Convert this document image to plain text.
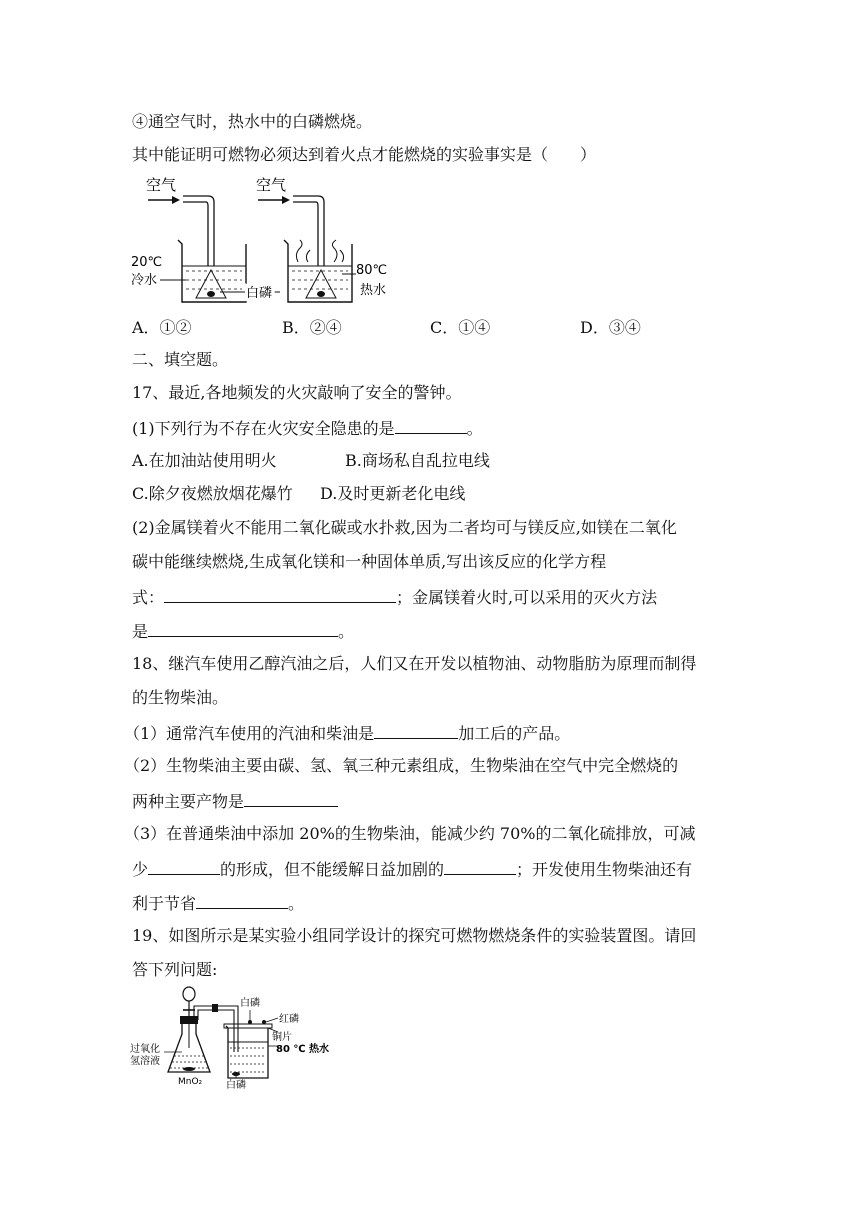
④通空气时，热水中的白磷燃烧。
其中能证明可燃物必须达到着火点才能燃烧的实验事实是（　　）
空气
20℃
冷水
白磷
空气
80℃
热水
A．①②	B．②④	C．①④	D．③④
二、填空题。
17、最近,各地频发的火灾敲响了安全的警钟。
(1)下列行为不存在火灾安全隐患的是	。
A.在加油站使用明火	B.商场私自乱拉电线
C.除夕夜燃放烟花爆竹 D.及时更新老化电线
(2)金属镁着火不能用二氧化碳或水扑救,因为二者均可与镁反应,如镁在二氧化
碳中能继续燃烧,生成氧化镁和一种固体单质,写出该反应的化学方程
式：	；金属镁着火时,可以采用的灭火方法
是	。
18、继汽车使用乙醇汽油之后，人们又在开发以植物油、动物脂肪为原理而制得
的生物柴油。
（1）通常汽车使用的汽油和柴油是	加工后的产品。
（2）生物柴油主要由碳、氢、氧三种元素组成，生物柴油在空气中完全燃烧的
两种主要产物是
（3）在普通柴油中添加 20%的生物柴油，能减少约 70%的二氧化硫排放，可减
少	的形成，但不能缓解日益加剧的	；开发使用生物柴油还有
利于节省	。
19、如图所示是某实验小组同学设计的探究可燃物燃烧条件的实验装置图。请回
答下列问题:
白磷
红磷
铜片
80 ℃ 热水
过氧化
氢溶液
MnO₂ 白磷
